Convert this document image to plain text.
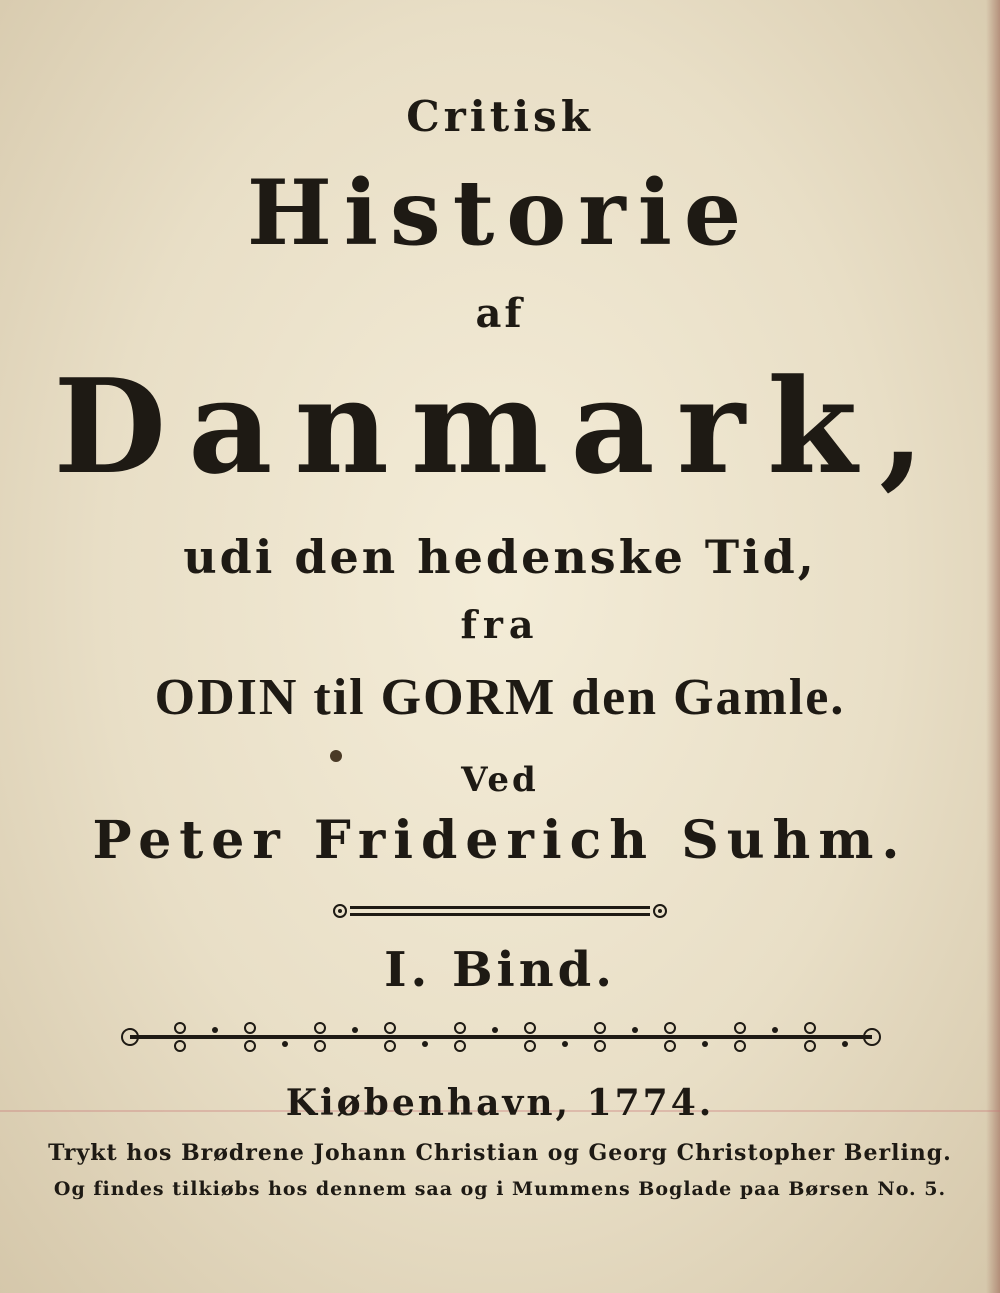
Critisk
Historie
af
Danmark,
udi den hedenske Tid,
fra
ODIN til GORM den Gamle.
Ved
Peter Friderich Suhm.
I. Bind.
Kiøbenhavn, 1774.
Trykt hos Brødrene Johann Christian og Georg Christopher Berling.
Og findes tilkiøbs hos dennem saa og i Mummens Boglade paa Børsen No. 5.
